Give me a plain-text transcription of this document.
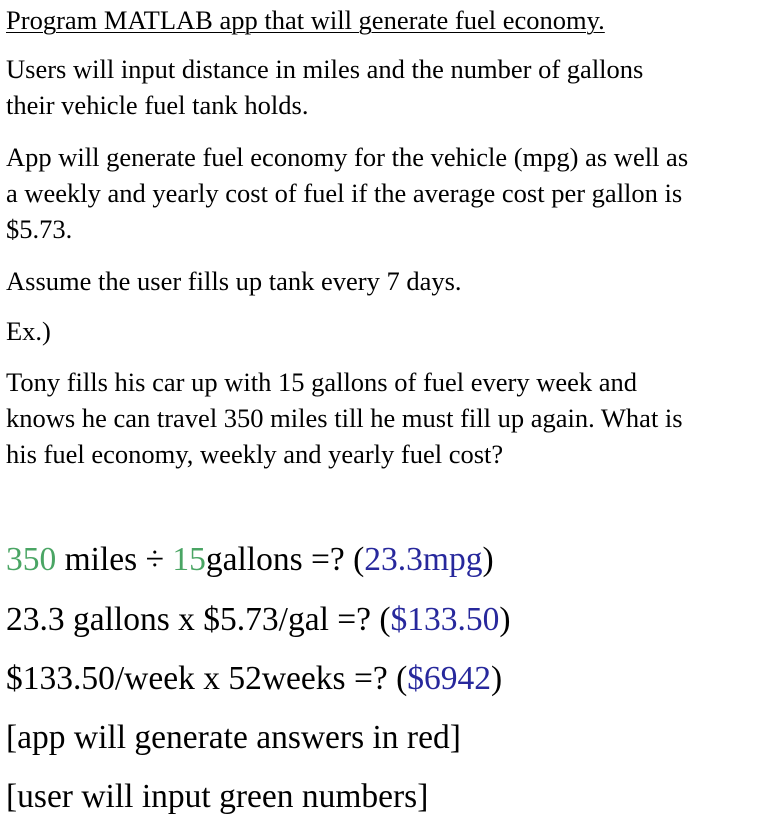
Program MATLAB app that will generate fuel economy.
Users will input distance in miles and the number of gallons
their vehicle fuel tank holds.
App will generate fuel economy for the vehicle (mpg) as well as
a weekly and yearly cost of fuel if the average cost per gallon is
$5.73.
Assume the user fills up tank every 7 days.
Ex.)
Tony fills his car up with 15 gallons of fuel every week and
knows he can travel 350 miles till he must fill up again. What is
his fuel economy, weekly and yearly fuel cost?
350 miles ÷ 15gallons =? (23.3mpg)
23.3 gallons x $5.73/gal =? ($133.50)
$133.50/week x 52weeks =? ($6942)
[app will generate answers in red]
[user will input green numbers]
